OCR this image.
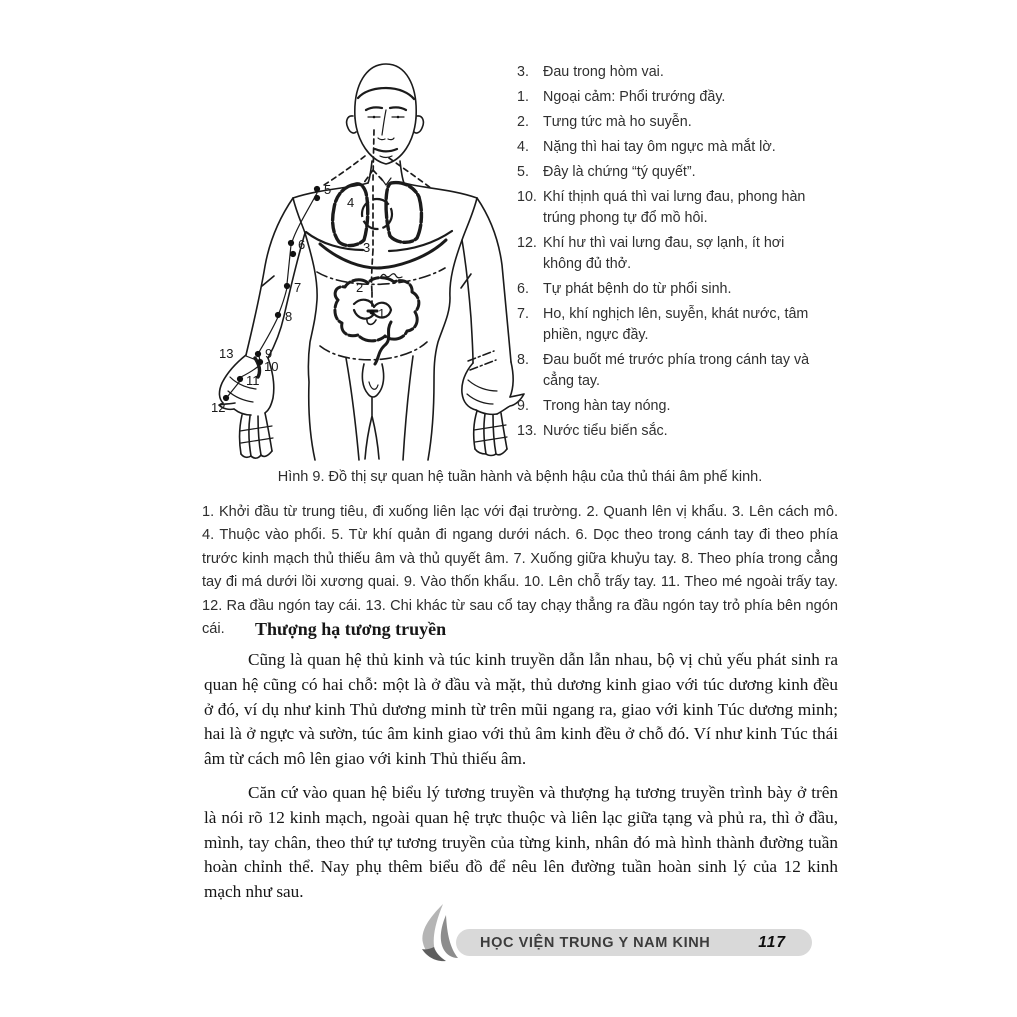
1
2
3
4
5
6
7
8
9
10
11
12
13
3. Đau trong hòm vai.
1. Ngoại cảm: Phổi trướng đầy.
2. Tưng tức mà ho suyễn.
4. Nặng thì hai tay ôm ngực mà mắt lờ.
5. Đây là chứng “tý quyết”.
10. Khí thịnh quá thì vai lưng đau, phong hàn trúng phong tự đổ mồ hôi.
12. Khí hư thì vai lưng đau, sợ lạnh, ít hơi không đủ thở.
6. Tự phát bệnh do từ phổi sinh.
7. Ho, khí nghịch lên, suyễn, khát nước, tâm phiền, ngực đầy.
8. Đau buốt mé trước phía trong cánh tay và cẳng tay.
9. Trong hàn tay nóng.
13. Nước tiểu biến sắc.
Hình 9. Đồ thị sự quan hệ tuần hành và bệnh hậu của thủ thái âm phế kinh.

1. Khởi đầu từ trung tiêu, đi xuống liên lạc với đại trường. 2. Quanh lên vị khẩu. 3. Lên cách mô. 4. Thuộc vào phổi. 5. Từ khí quản đi ngang dưới nách. 6. Dọc theo trong cánh tay đi theo phía trước kinh mạch thủ thiếu âm và thủ quyết âm. 7. Xuống giữa khuỷu tay. 8. Theo phía trong cẳng tay đi má dưới lồi xương quai. 9. Vào thốn khẩu. 10. Lên chỗ trấy tay. 11. Theo mé ngoài trấy tay. 12. Ra đầu ngón tay cái. 13. Chi khác từ sau cổ tay chạy thẳng ra đầu ngón tay trỏ phía bên ngón cái.	Thượng hạ tương truyền

Cũng là quan hệ thủ kinh và túc kinh truyền dẫn lẫn nhau, bộ vị chủ yếu phát sinh ra quan hệ cũng có hai chỗ: một là ở đầu và mặt, thủ dương kinh giao với túc dương kinh đều ở đó, ví dụ như kinh Thủ dương minh từ trên mũi ngang ra, giao với kinh Túc dương minh; hai là ở ngực và sườn, túc âm kinh giao với thủ âm kinh đều ở chỗ đó. Ví như kinh Túc thái âm từ cách mô lên giao với kinh Thủ thiếu âm.

Căn cứ vào quan hệ biểu lý tương truyền và thượng hạ tương truyền trình bày ở trên là nói rõ 12 kinh mạch, ngoài quan hệ trực thuộc và liên lạc giữa tạng và phủ ra, thì ở đầu, mình, tay chân, theo thứ tự tương truyền của từng kinh, nhân đó mà hình thành đường tuần hoàn chỉnh thể. Nay phụ thêm biểu đồ để nêu lên đường tuần hoàn sinh lý của 12 kinh mạch như sau.

HỌC VIỆN TRUNG Y NAM KINH	117
